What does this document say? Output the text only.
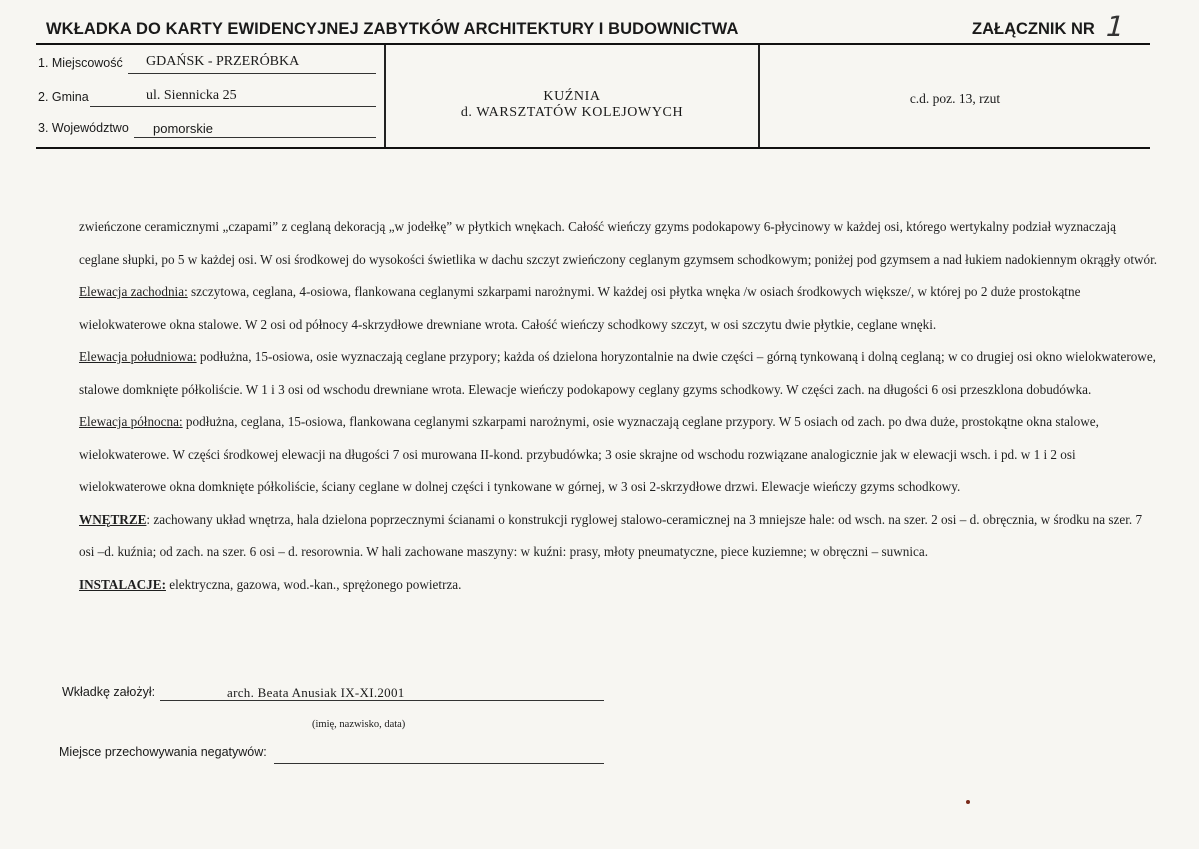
WKŁADKA DO KARTY EWIDENCYJNEJ ZABYTKÓW ARCHITEKTURY I BUDOWNICTWA	ZAŁĄCZNIK NR 1
1. Miejscowość GDAŃSK - PRZERÓBKA
2. Gmina	ul. Siennicka 25
3. Województwo pomorskie
KUŹNIA
d. WARSZTATÓW KOLEJOWYCH
c.d. poz. 13, rzut

zwieńczone ceramicznymi „czapami” z ceglaną dekoracją „w jodełkę” w płytkich wnękach. Całość wieńczy gzyms podokapowy 6-płycinowy w każdej osi, którego wertykalny podział wyznaczają ceglane słupki, po 5 w każdej osi. W osi środkowej do wysokości świetlika w dachu szczyt zwieńczony ceglanym gzymsem schodkowym; poniżej pod gzymsem a nad łukiem nadokiennym okrągły otwór.

Elewacja zachodnia: szczytowa, ceglana, 4-osiowa, flankowana ceglanymi szkarpami narożnymi. W każdej osi płytka wnęka /w osiach środkowych większe/, w której po 2 duże prostokątne wielokwaterowe okna stalowe. W 2 osi od północy 4-skrzydłowe drewniane wrota. Całość wieńczy schodkowy szczyt, w osi szczytu dwie płytkie, ceglane wnęki.

Elewacja południowa: podłużna, 15-osiowa, osie wyznaczają ceglane przypory; każda oś dzielona horyzontalnie na dwie części – górną tynkowaną i dolną ceglaną; w co drugiej osi okno wielokwaterowe, stalowe domknięte półkoliście. W 1 i 3 osi od wschodu drewniane wrota. Elewacje wieńczy podokapowy ceglany gzyms schodkowy. W części zach. na długości 6 osi przeszklona dobudówka.

Elewacja północna: podłużna, ceglana, 15-osiowa, flankowana ceglanymi szkarpami narożnymi, osie wyznaczają ceglane przypory. W 5 osiach od zach. po dwa duże, prostokątne okna stalowe, wielokwaterowe. W części środkowej elewacji na długości 7 osi murowana II-kond. przybudówka; 3 osie skrajne od wschodu rozwiązane analogicznie jak w elewacji wsch. i pd. w 1 i 2 osi wielokwaterowe okna domknięte półkoliście, ściany ceglane w dolnej części i tynkowane w górnej, w 3 osi 2-skrzydłowe drzwi. Elewacje wieńczy gzyms schodkowy.

WNĘTRZE: zachowany układ wnętrza, hala dzielona poprzecznymi ścianami o konstrukcji ryglowej stalowo-ceramicznej na 3 mniejsze hale: od wsch. na szer. 2 osi – d. obręcznia, w środku na szer. 7 osi –d. kuźnia; od zach. na szer. 6 osi – d. resorownia. W hali zachowane maszyny: w kuźni: prasy, młoty pneumatyczne, piece kuziemne; w obręczni – suwnica.

INSTALACJE: elektryczna, gazowa, wod.-kan., sprężonego powietrza.

Wkładkę założył:	arch. Beata Anusiak IX-XI.2001
(imię, nazwisko, data)
Miejsce przechowywania negatywów:
